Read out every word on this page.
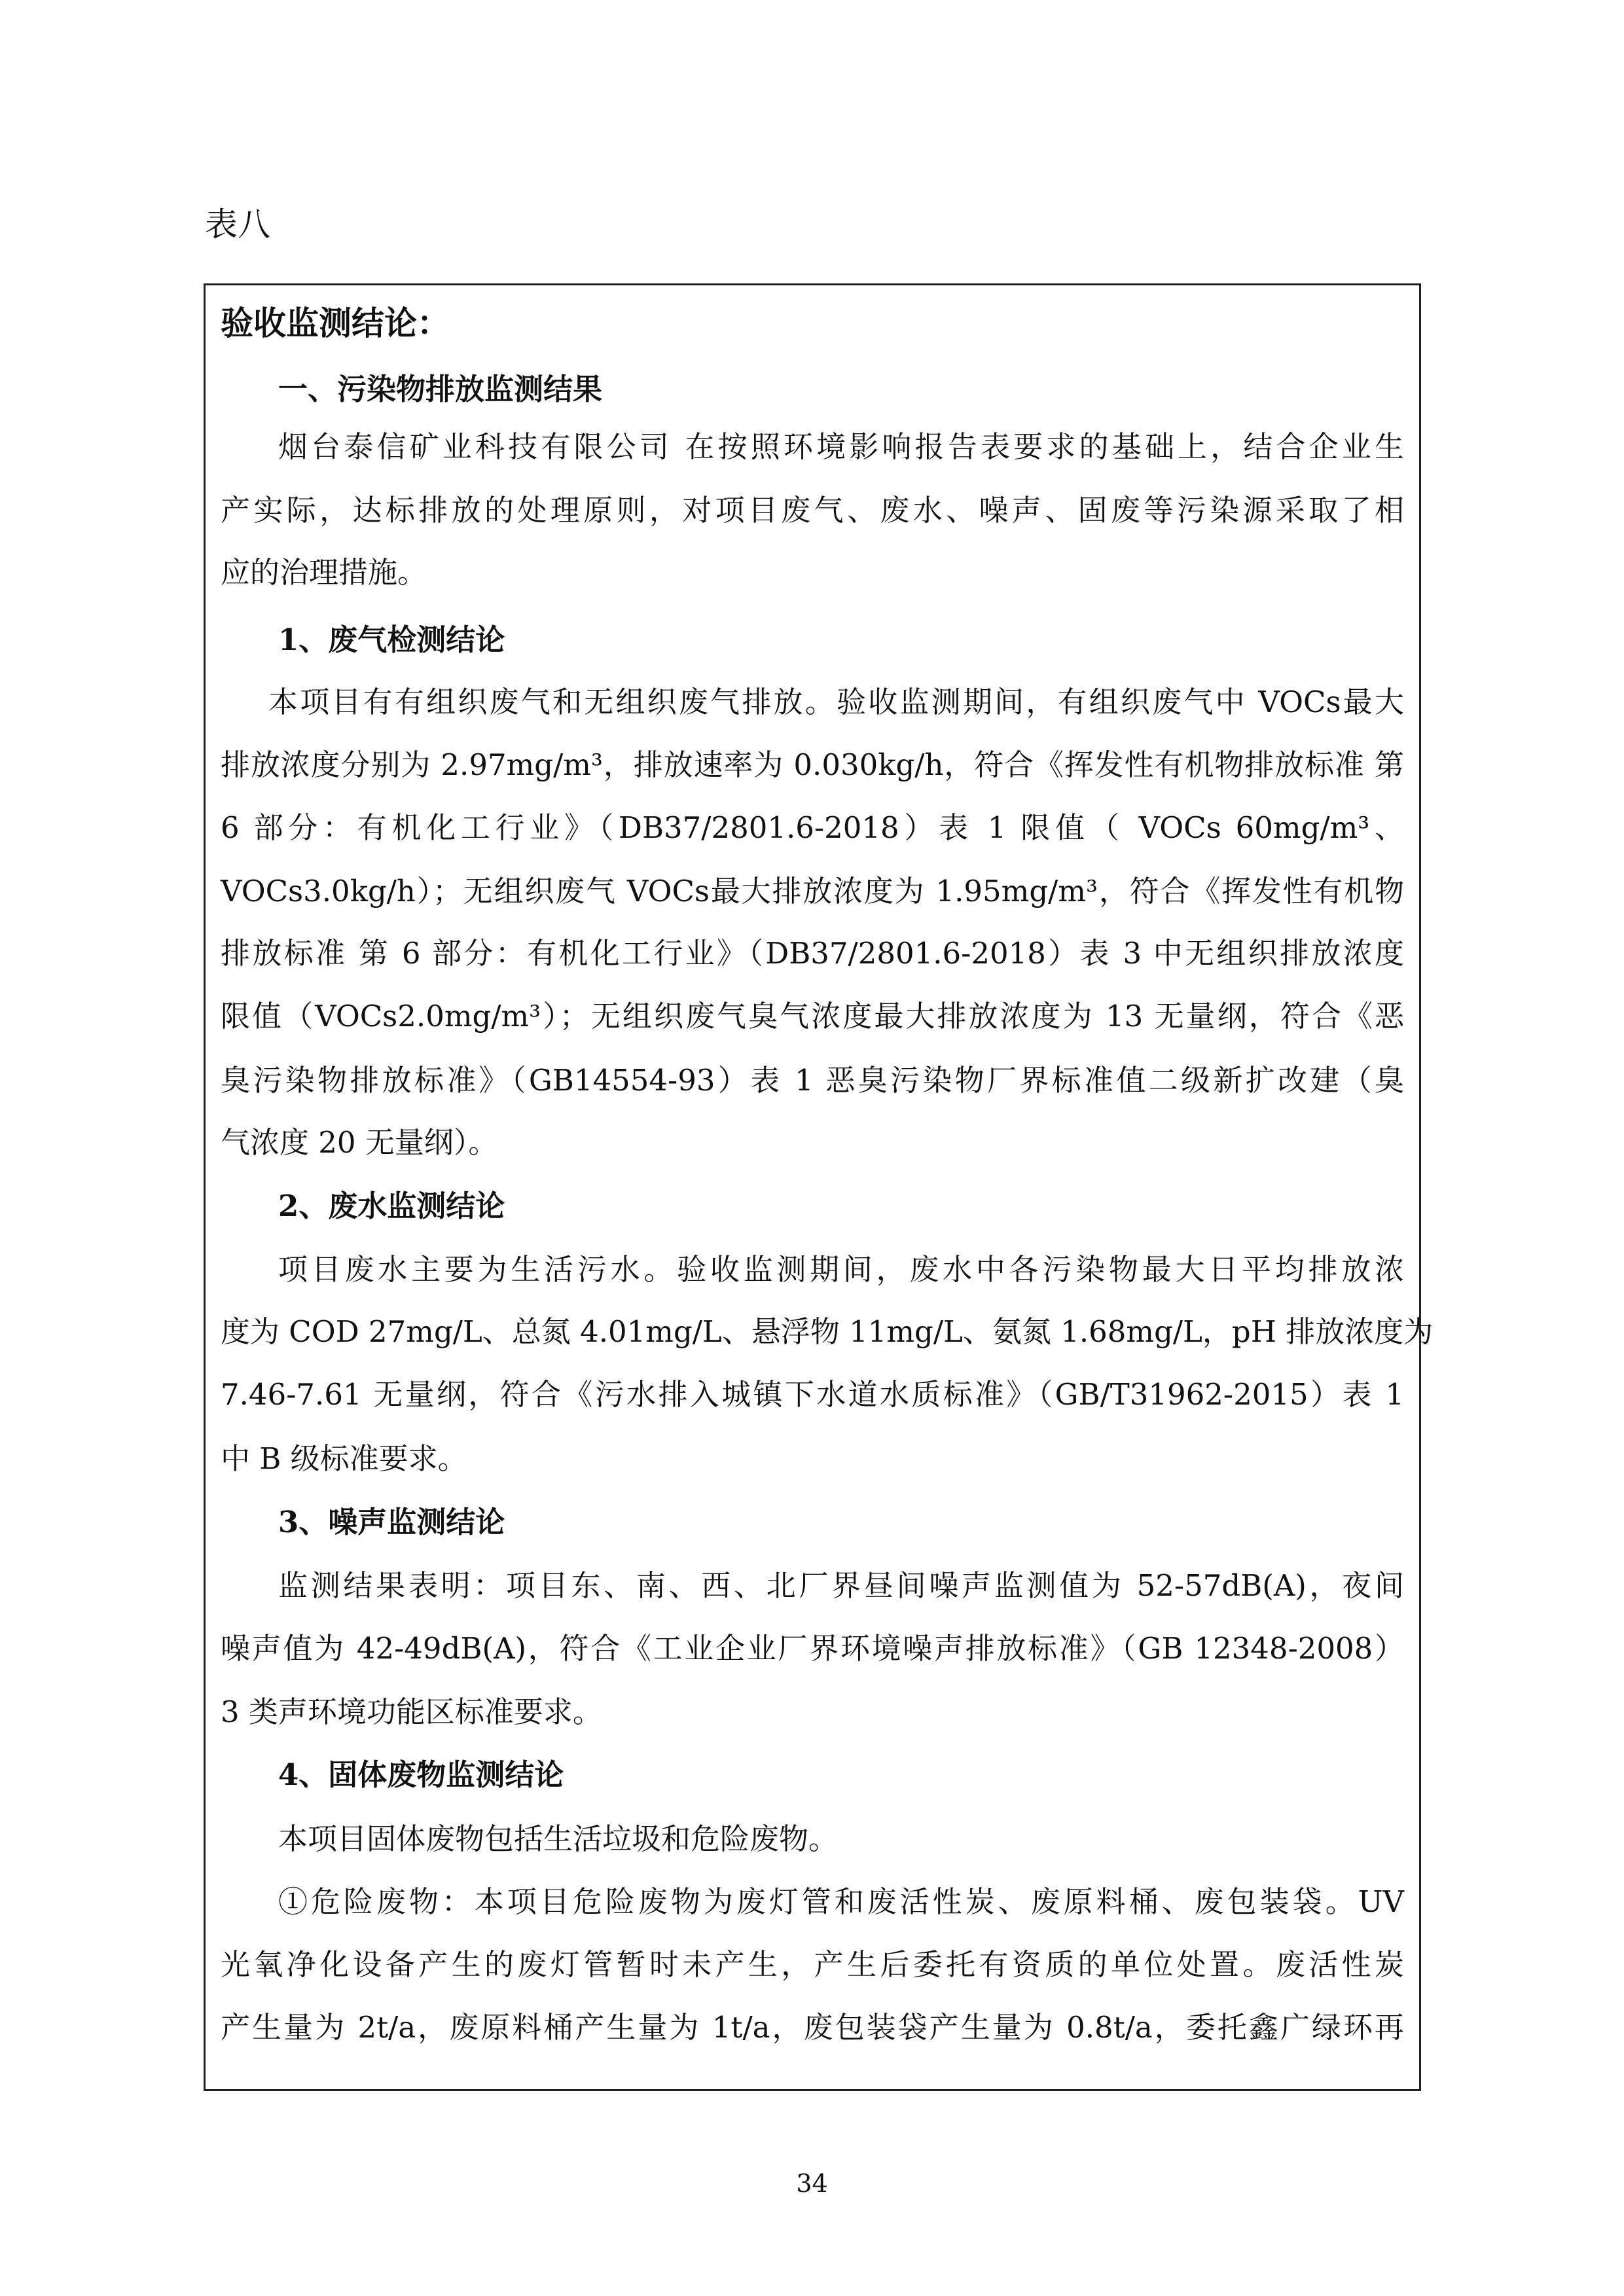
表八
验收监测结论：
一、污染物排放监测结果
烟台泰信矿业科技有限公司 在按照环境影响报告表要求的基础上，结合企业生
产实际，达标排放的处理原则，对项目废气、废水、噪声、固废等污染源采取了相
应的治理措施。
1、废气检测结论
本项目有有组织废气和无组织废气排放。验收监测期间，有组织废气中 VOCs最大
排放浓度分别为 2.97mg/m³，排放速率为 0.030kg/h，符合《挥发性有机物排放标准 第
6 部分：有机化工行业》（DB37/2801.6-2018）表 1 限值（ VOCs 60mg/m³、
VOCs3.0kg/h）；无组织废气 VOCs最大排放浓度为 1.95mg/m³，符合《挥发性有机物
排放标准 第 6 部分：有机化工行业》（DB37/2801.6-2018）表 3 中无组织排放浓度
限值（VOCs2.0mg/m³）；无组织废气臭气浓度最大排放浓度为 13 无量纲，符合《恶
臭污染物排放标准》（GB14554-93）表 1 恶臭污染物厂界标准值二级新扩改建（臭
气浓度 20 无量纲）。
2、废水监测结论
项目废水主要为生活污水。验收监测期间，废水中各污染物最大日平均排放浓
度为 COD 27mg/L、总氮 4.01mg/L、悬浮物 11mg/L、氨氮 1.68mg/L，pH 排放浓度为
7.46-7.61 无量纲，符合《污水排入城镇下水道水质标准》（GB/T31962-2015）表 1
中 B 级标准要求。
3、噪声监测结论
监测结果表明：项目东、南、西、北厂界昼间噪声监测值为 52-57dB(A)，夜间
噪声值为 42-49dB(A)，符合《工业企业厂界环境噪声排放标准》（GB 12348-2008）
3 类声环境功能区标准要求。
4、固体废物监测结论
本项目固体废物包括生活垃圾和危险废物。
①危险废物：本项目危险废物为废灯管和废活性炭、废原料桶、废包装袋。UV
光氧净化设备产生的废灯管暂时未产生，产生后委托有资质的单位处置。废活性炭
产生量为 2t/a，废原料桶产生量为 1t/a，废包装袋产生量为 0.8t/a，委托鑫广绿环再
34
